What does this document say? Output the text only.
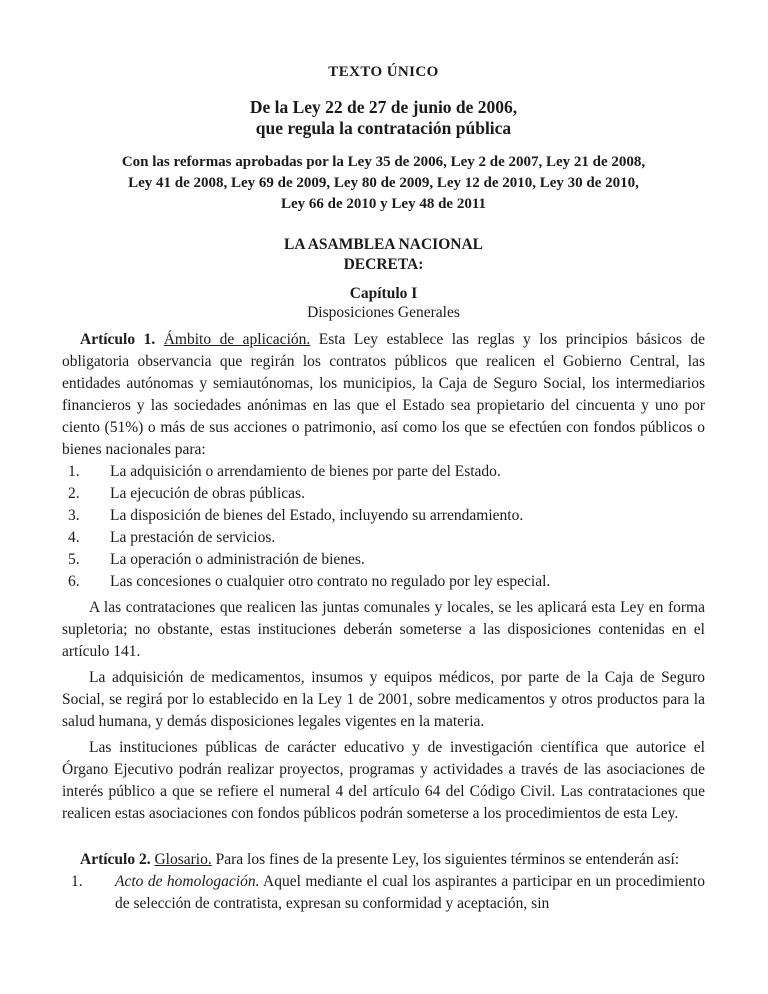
TEXTO ÚNICO

De la Ley 22 de 27 de junio de 2006,
que regula la contratación pública
Con las reformas aprobadas por la Ley 35 de 2006, Ley 2 de 2007, Ley 21 de 2008,
Ley 41 de 2008, Ley 69 de 2009, Ley 80 de 2009, Ley 12 de 2010, Ley 30 de 2010,
Ley 66 de 2010 y Ley 48 de 2011
LA ASAMBLEA NACIONAL
DECRETA:
Capítulo I
Disposiciones Generales

Artículo 1. Ámbito de aplicación. Esta Ley establece las reglas y los principios básicos de obligatoria observancia que regirán los contratos públicos que realicen el Gobierno Central, las entidades autónomas y semiautónomas, los municipios, la Caja de Seguro Social, los intermediarios financieros y las sociedades anónimas en las que el Estado sea propietario del cincuenta y uno por ciento (51%) o más de sus acciones o patrimonio, así como los que se efectúen con fondos públicos o bienes nacionales para:

1.	La adquisición o arrendamiento de bienes por parte del Estado.
2.	La ejecución de obras públicas.
3.	La disposición de bienes del Estado, incluyendo su arrendamiento.
4.	La prestación de servicios.
5.	La operación o administración de bienes.
6.	Las concesiones o cualquier otro contrato no regulado por ley especial.

A las contrataciones que realicen las juntas comunales y locales, se les aplicará esta Ley en forma supletoria; no obstante, estas instituciones deberán someterse a las disposiciones contenidas en el artículo 141.

La adquisición de medicamentos, insumos y equipos médicos, por parte de la Caja de Seguro Social, se regirá por lo establecido en la Ley 1 de 2001, sobre medicamentos y otros productos para la salud humana, y demás disposiciones legales vigentes en la materia.

Las instituciones públicas de carácter educativo y de investigación científica que autorice el Órgano Ejecutivo podrán realizar proyectos, programas y actividades a través de las asociaciones de interés público a que se refiere el numeral 4 del artículo 64 del Código Civil. Las contrataciones que realicen estas asociaciones con fondos públicos podrán someterse a los procedimientos de esta Ley.

Artículo 2. Glosario. Para los fines de la presente Ley, los siguientes términos se entenderán así:

1. Acto de homologación. Aquel mediante el cual los aspirantes a participar en un procedimiento de selección de contratista, expresan su conformidad y aceptación, sin
